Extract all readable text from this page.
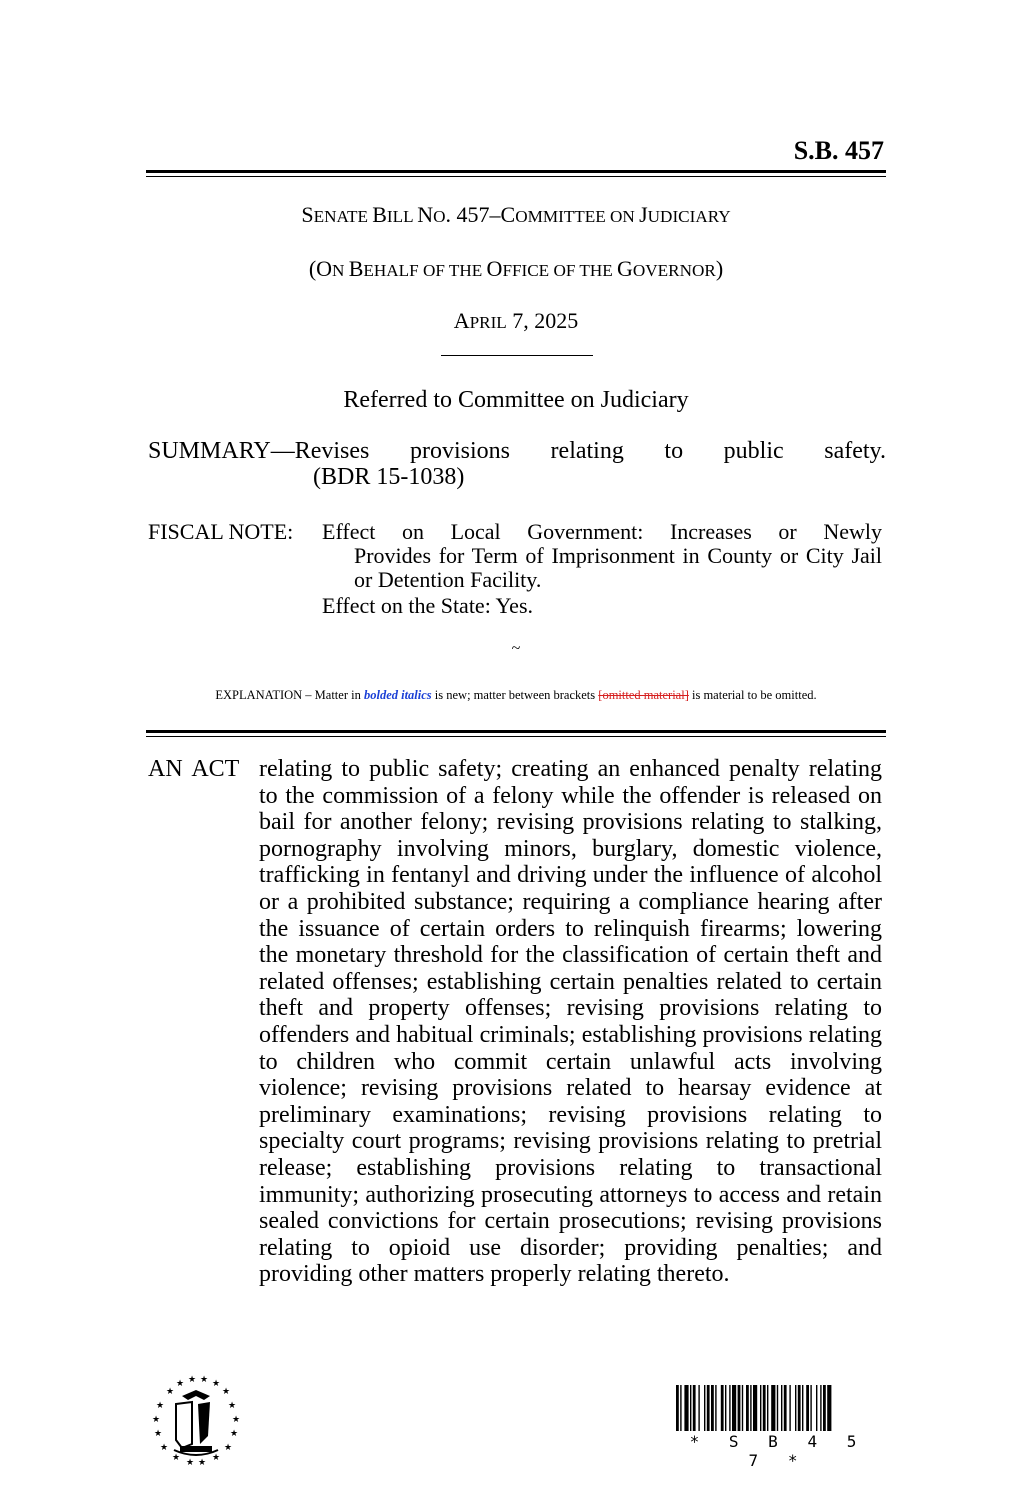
S.B. 457
SENATE BILL NO. 457–COMMITTEE ON JUDICIARY
(ON BEHALF OF THE OFFICE OF THE GOVERNOR)
APRIL 7, 2025
Referred to Committee on Judiciary
SUMMARY—Revises provisions relating to public safety.
(BDR 15-1038)
FISCAL NOTE: Effect on Local Government: Increases or Newly
Provides for Term of Imprisonment in County or City Jail or Detention Facility.
Effect on the State: Yes.
~
EXPLANATION – Matter in bolded italics is new; matter between brackets [omitted material] is material to be omitted.
AN ACT relating to public safety; creating an enhanced penalty relating to the commission of a felony while the offender is released on bail for another felony; revising provisions relating to stalking, pornography involving minors, burglary, domestic violence, trafficking in fentanyl and driving under the influence of alcohol or a prohibited substance; requiring a compliance hearing after the issuance of certain orders to relinquish firearms; lowering the monetary threshold for the classification of certain theft and related offenses; establishing certain penalties related to certain theft and property offenses; revising provisions relating to offenders and habitual criminals; establishing provisions relating to children who commit certain unlawful acts involving violence; revising provisions related to hearsay evidence at preliminary examinations; revising provisions relating to specialty court programs; revising provisions relating to pretrial release; establishing provisions relating to transactional immunity; authorizing prosecuting attorneys to access and retain sealed convictions for certain prosecutions; revising provisions relating to opioid use disorder; providing penalties; and providing other matters properly relating thereto.
★
★ ★ ★ ★
★
★	★
★	★
★	★
★	★
★	★
★ ★
* S B 4 5 7 *
